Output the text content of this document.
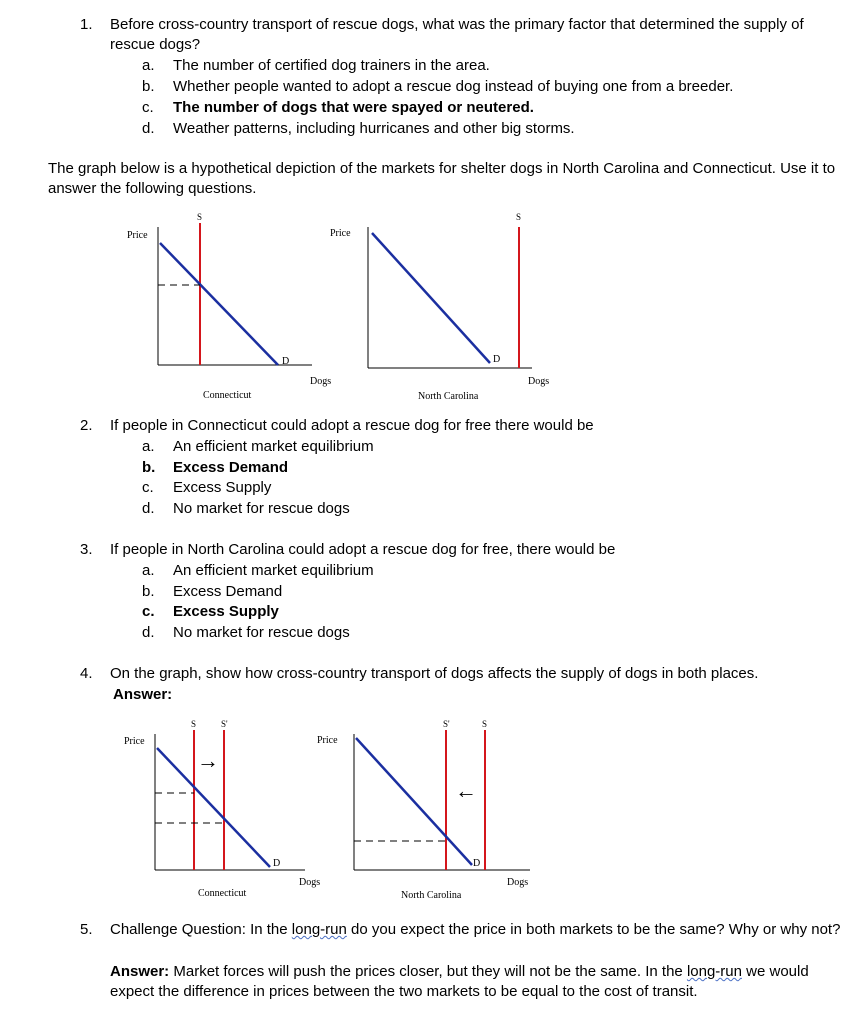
1. Before cross-country transport of rescue dogs, what was the primary factor that determined the supply of rescue dogs?
a. The number of certified dog trainers in the area.
b. Whether people wanted to adopt a rescue dog instead of buying one from a breeder.
c. The number of dogs that were spayed or neutered.
d. Weather patterns, including hurricanes and other big storms.
The graph below is a hypothetical depiction of the markets for shelter dogs in North Carolina and Connecticut. Use it to answer the following questions.
Price
S
D
Dogs
Connecticut
Price
S
D
Dogs
North Carolina
2. If people in Connecticut could adopt a rescue dog for free there would be
a. An efficient market equilibrium
b. Excess Demand
c. Excess Supply
d. No market for rescue dogs
3. If people in North Carolina could adopt a rescue dog for free, there would be
a. An efficient market equilibrium
b. Excess Demand
c. Excess Supply
d. No market for rescue dogs
4. On the graph, show how cross-country transport of dogs affects the supply of dogs in both places.
Answer:
Price
S	S'
→
D
Dogs
Connecticut
Price
S'	S
←
D
Dogs
North Carolina
5. Challenge Question: In the long-run do you expect the price in both markets to be the same? Why or why not?
Answer: Market forces will push the prices closer, but they will not be the same. In the long-run we would expect the difference in prices between the two markets to be equal to the cost of transit.
